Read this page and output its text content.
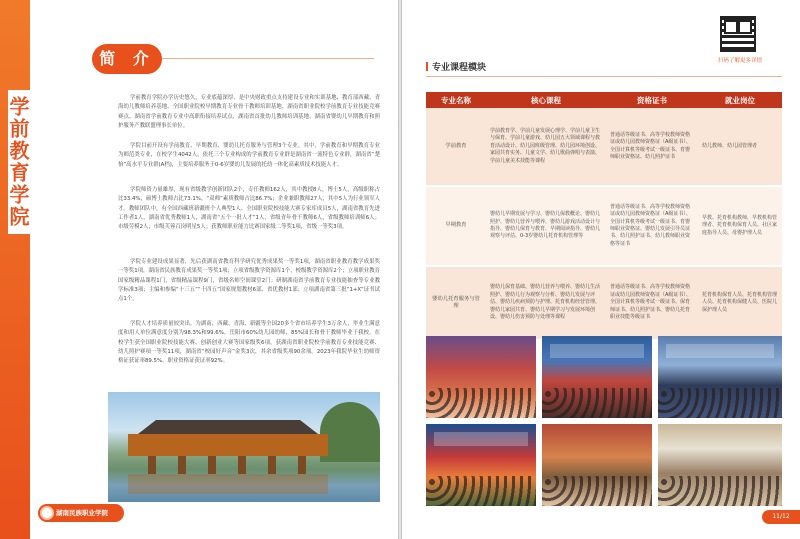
学前教育学院
简 介

学前教育学院办学历史悠久，专业底蕴深厚，是中央财政重点支持建设专业和实训基地、教育部西藏、青海幼儿教师培养基地、全国职业院校早期教育专业骨干教师培训基地、湖南省职业院校学前教育专业技能竞赛赛点、湖南省学前教育专业中高职衔接培养试点、湖南省首批幼儿教师培训基地、湖南省婴幼儿早期教育和照护服务产教联盟理事长单位。

学院目前开设有学前教育、早期教育、婴幼儿托育服务与管理3个专业。其中，学前教育和早期教育专业为师范类专业，在校学生4042人，依托三个专业构成的学前教育专业群是湖南省一流特色专业群，湖南省“楚怡”高水平专业群(A档)，主要培养服务于0-6岁婴幼儿发展的托幼一体化高素质技术技能人才。

学院师资力量雄厚，现有省级教学创新团队2个，专任教师162人，其中教授8人，博士5人，高级职称占比33.4%，硕博士教师占比73.1%，“双师”素质教师占比86.7%；企业兼职教师27人，其中5人为行业领军人才。教师团队中，有全国西藏班新疆班个人典型1人、全国职业院校技能大赛专家库成员5人，湖南省教育先进工作者1人，湖南省优秀教师1人，湖南省“五个一批人才”1人，省级青年骨干教师6人，省级教师培训师6人；市级劳模2人；市级芙蓉百岗明星5人；获教师职业能力比赛国家级二等奖1项，省级一等奖3项。

学院专业建设成果显著，先后获湖南省教育科学研究优秀成果奖一等奖1项，湖南省职业教育教学成果奖一等奖1项，湖南省民族教育成果奖一等奖1项；立项省级教学资源库1个，校级教学资源库2个；立项职业教育国家级精品课程1门，省级精品课程9门，省级名师空间课堂2门；研制湖南省学前教育专业技能抽查等专业教学标准3项；主编和参编“十三五”“十四五”国家规划教材6部、省优教材1部；立项湖南省第三批“1+X”证书试点1个。

学院人才培养质量较突出。为湖南、西藏、青海、新疆等全国20多个省市培养学生3万余人，毕业生满意度和用人单位满意度分别为98.3%和99.6%。岳阳市60%幼儿园幼师、85%园长和骨干教师毕业于我校。在校学生获全国职业院校技能大赛、创新创业大赛等国家级奖6项，获湖南省职业院校学前教育专业技能竞赛、幼儿照护赛项一等奖11项，湖南省“校园好声音”金奖3次，其余省级奖项90余项。2023年我院毕业生幼师资格证获证率89.5%，职业资格证获证率92%。

湖南民族职业学院
扫码了解更多详情
专业课程模块
专业名称	核心课程	资格证书	就业岗位
学前教育	学前教育学、学前儿童发展心理学、学前儿童卫生与保育、学前儿童游戏、幼儿园五大领域课程与教育活动设计、幼儿园班级管理、幼儿园环境创设、家园共育实务、儿童文学、幼儿歌曲弹唱与表演、学前儿童美术技能等课程	普通话等级证书、高等学校教师资格证或幼儿园教师资格证（A级证书）、全国计算机等级考试一级证书、育婴师职业资格证、幼儿照护证书	幼儿教师、幼儿园管理者
早期教育	婴幼儿早期发展与学习、婴幼儿保教概论、婴幼儿照护、婴幼儿营养与喂养、婴幼儿游戏活动设计与指导、婴幼儿保育与教育、早期阅读指导、婴幼儿观察与评估、0-3岁婴幼儿托育机构管理等	普通话等级证书、高等学校教师资格证或幼儿园教师资格证（A级证书）、全国计算机等级考试一级证书、育婴师职业资格证、婴幼儿发展引导员证书、幼儿照护证书、幼儿教师职业资格等证书	早教、托育机构教师、早教机构管理者、托育机构保育人员、社区家庭指导人员、母婴护理人员
婴幼儿托育服务与管理	婴幼儿保育基础、婴幼儿营养与喂养、婴幼儿生活照护、婴幼儿行为观察与分析、婴幼儿发展与评估、婴幼儿疾病预防与护理、托育机构经营管理、婴幼儿家园共育、婴幼儿早期学习与发展环境创设、婴幼儿伤害预防与处理等课程	普通话等级证书、高等学校教师资格证或幼儿园教师资格证（A级证书）、全国计算机等级考试一级证书、保育师证书、幼儿照护证书、婴幼儿托育职业技能等级证书	托育机构保育人员、托育机构管理人员、托育机构保健人员、医院儿保护理人员
11/12
